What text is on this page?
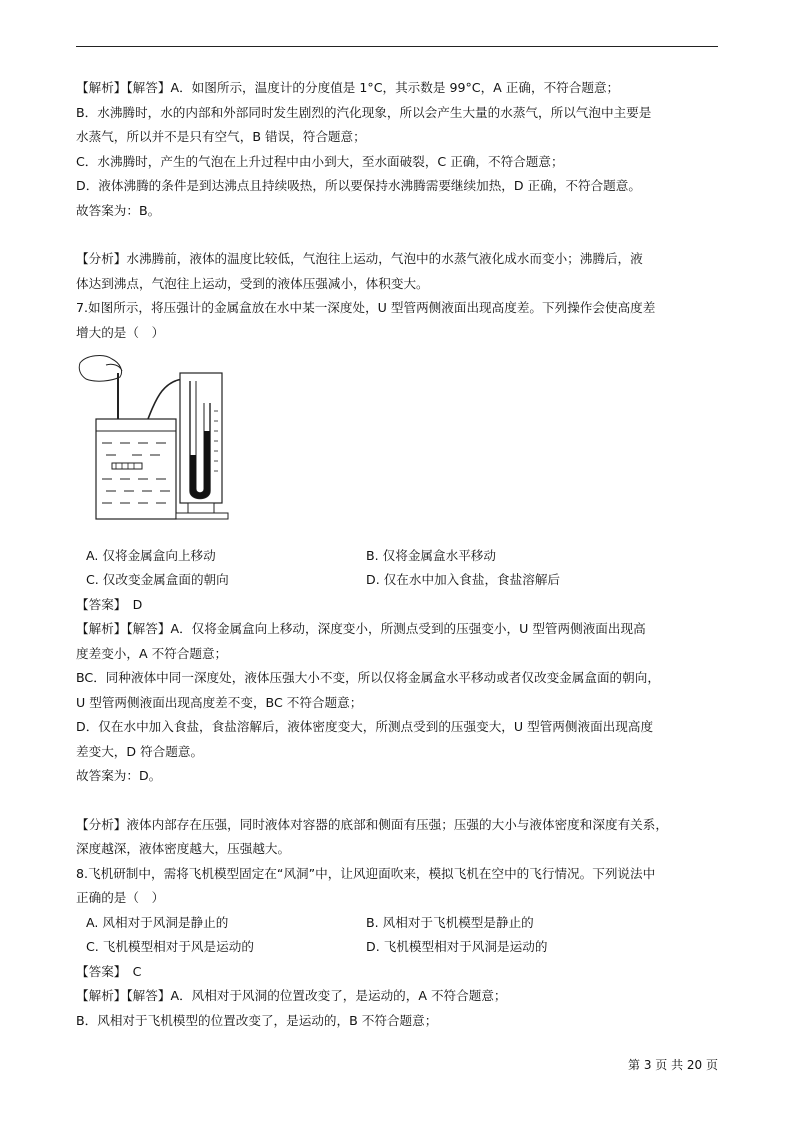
【解析】【解答】A．如图所示，温度计的分度值是 1°C，其示数是 99°C，A 正确，不符合题意；

B．水沸腾时，水的内部和外部同时发生剧烈的汽化现象，所以会产生大量的水蒸气，所以气泡中主要是

水蒸气，所以并不是只有空气，B 错误，符合题意；

C．水沸腾时，产生的气泡在上升过程中由小到大，至水面破裂，C 正确，不符合题意；

D．液体沸腾的条件是到达沸点且持续吸热，所以要保持水沸腾需要继续加热，D 正确，不符合题意。

故答案为：B。

【分析】水沸腾前，液体的温度比较低，气泡往上运动，气泡中的水蒸气液化成水而变小；沸腾后，液

体达到沸点，气泡往上运动，受到的液体压强减小，体积变大。

7.如图所示，将压强计的金属盒放在水中某一深度处，U 型管两侧液面出现高度差。下列操作会使高度差

增大的是（　）

A. 仅将金属盒向上移动	B. 仅将金属盒水平移动

C. 仅改变金属盒面的朝向	D. 仅在水中加入食盐，食盐溶解后

【答案】　D

【解析】【解答】A．仅将金属盒向上移动，深度变小，所测点受到的压强变小，U 型管两侧液面出现高

度差变小，A 不符合题意；

BC．同种液体中同一深度处，液体压强大小不变，所以仅将金属盒水平移动或者仅改变金属盒面的朝向，

U 型管两侧液面出现高度差不变，BC 不符合题意；

D．仅在水中加入食盐，食盐溶解后，液体密度变大，所测点受到的压强变大，U 型管两侧液面出现高度

差变大，D 符合题意。

故答案为：D。

【分析】液体内部存在压强，同时液体对容器的底部和侧面有压强；压强的大小与液体密度和深度有关系，

深度越深，液体密度越大，压强越大。

8.飞机研制中，需将飞机模型固定在“风洞”中，让风迎面吹来，模拟飞机在空中的飞行情况。下列说法中

正确的是（　）

A. 风相对于风洞是静止的	B. 风相对于飞机模型是静止的

C. 飞机模型相对于风是运动的	D. 飞机模型相对于风洞是运动的

【答案】　C

【解析】【解答】A．风相对于风洞的位置改变了，是运动的，A 不符合题意；

B．风相对于飞机模型的位置改变了，是运动的，B 不符合题意；

第 3 页 共 20 页
